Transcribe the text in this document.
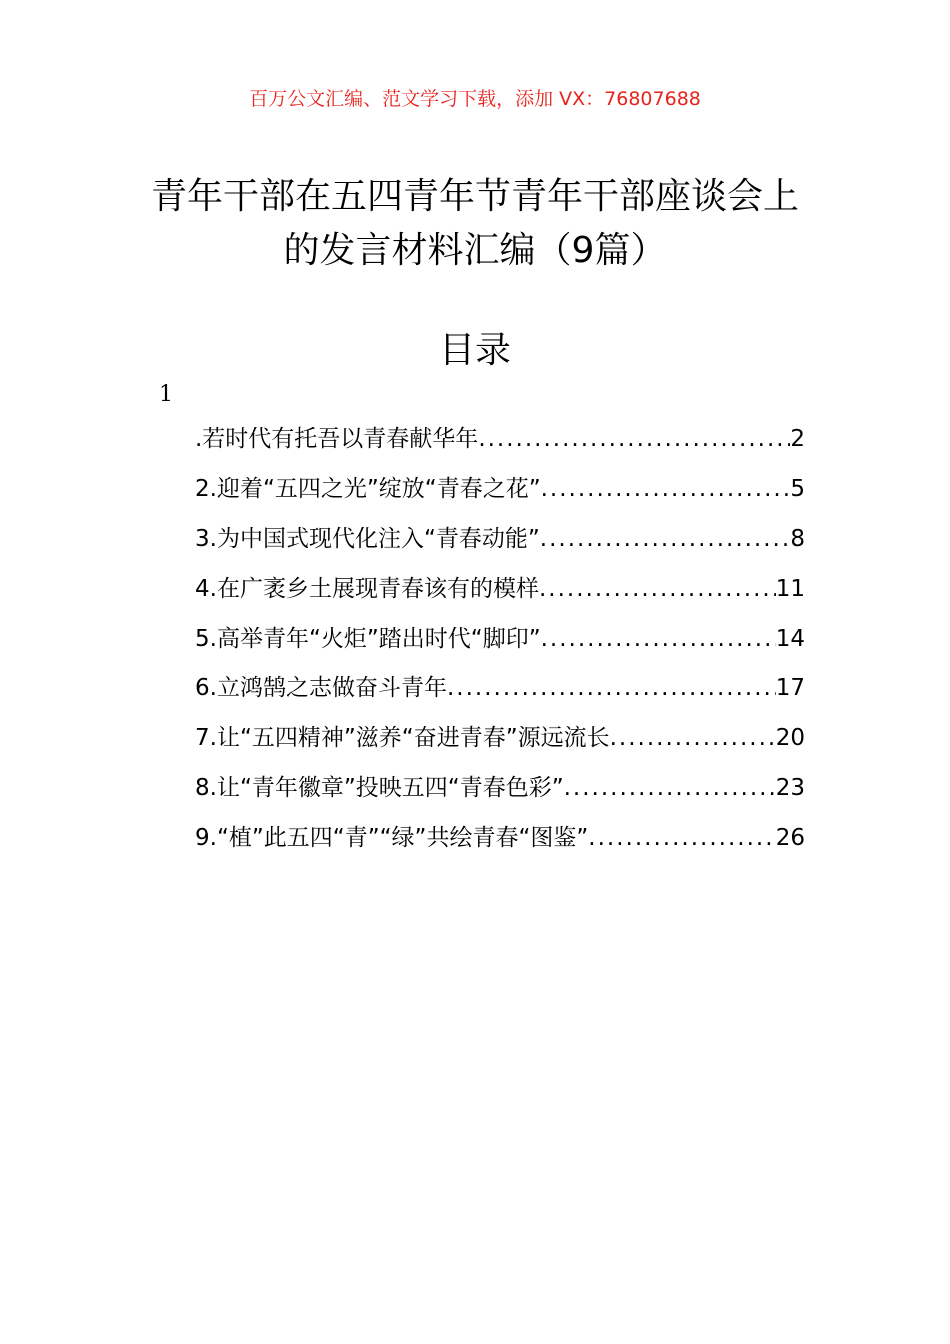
百万公文汇编、范文学习下载，添加 VX：76807688
青年干部在五四青年节青年干部座谈会上
的发言材料汇编（9篇）
目录
1
.若时代有托吾以青春献华年 .....	2
2.迎着“五四之光”绽放“青春之花” .....	5
3.为中国式现代化注入“青春动能” .....	8
4.在广袤乡土展现青春该有的模样 .....	11
5.高举青年“火炬”踏出时代“脚印” .....	14
6.立鸿鹄之志做奋斗青年 .....	17
7.让“五四精神”滋养“奋进青春”源远流长 .....	20
8.让“青年徽章”投映五四“青春色彩” .....	23
9.“植”此五四“青”“绿”共绘青春“图鉴” .....	26
